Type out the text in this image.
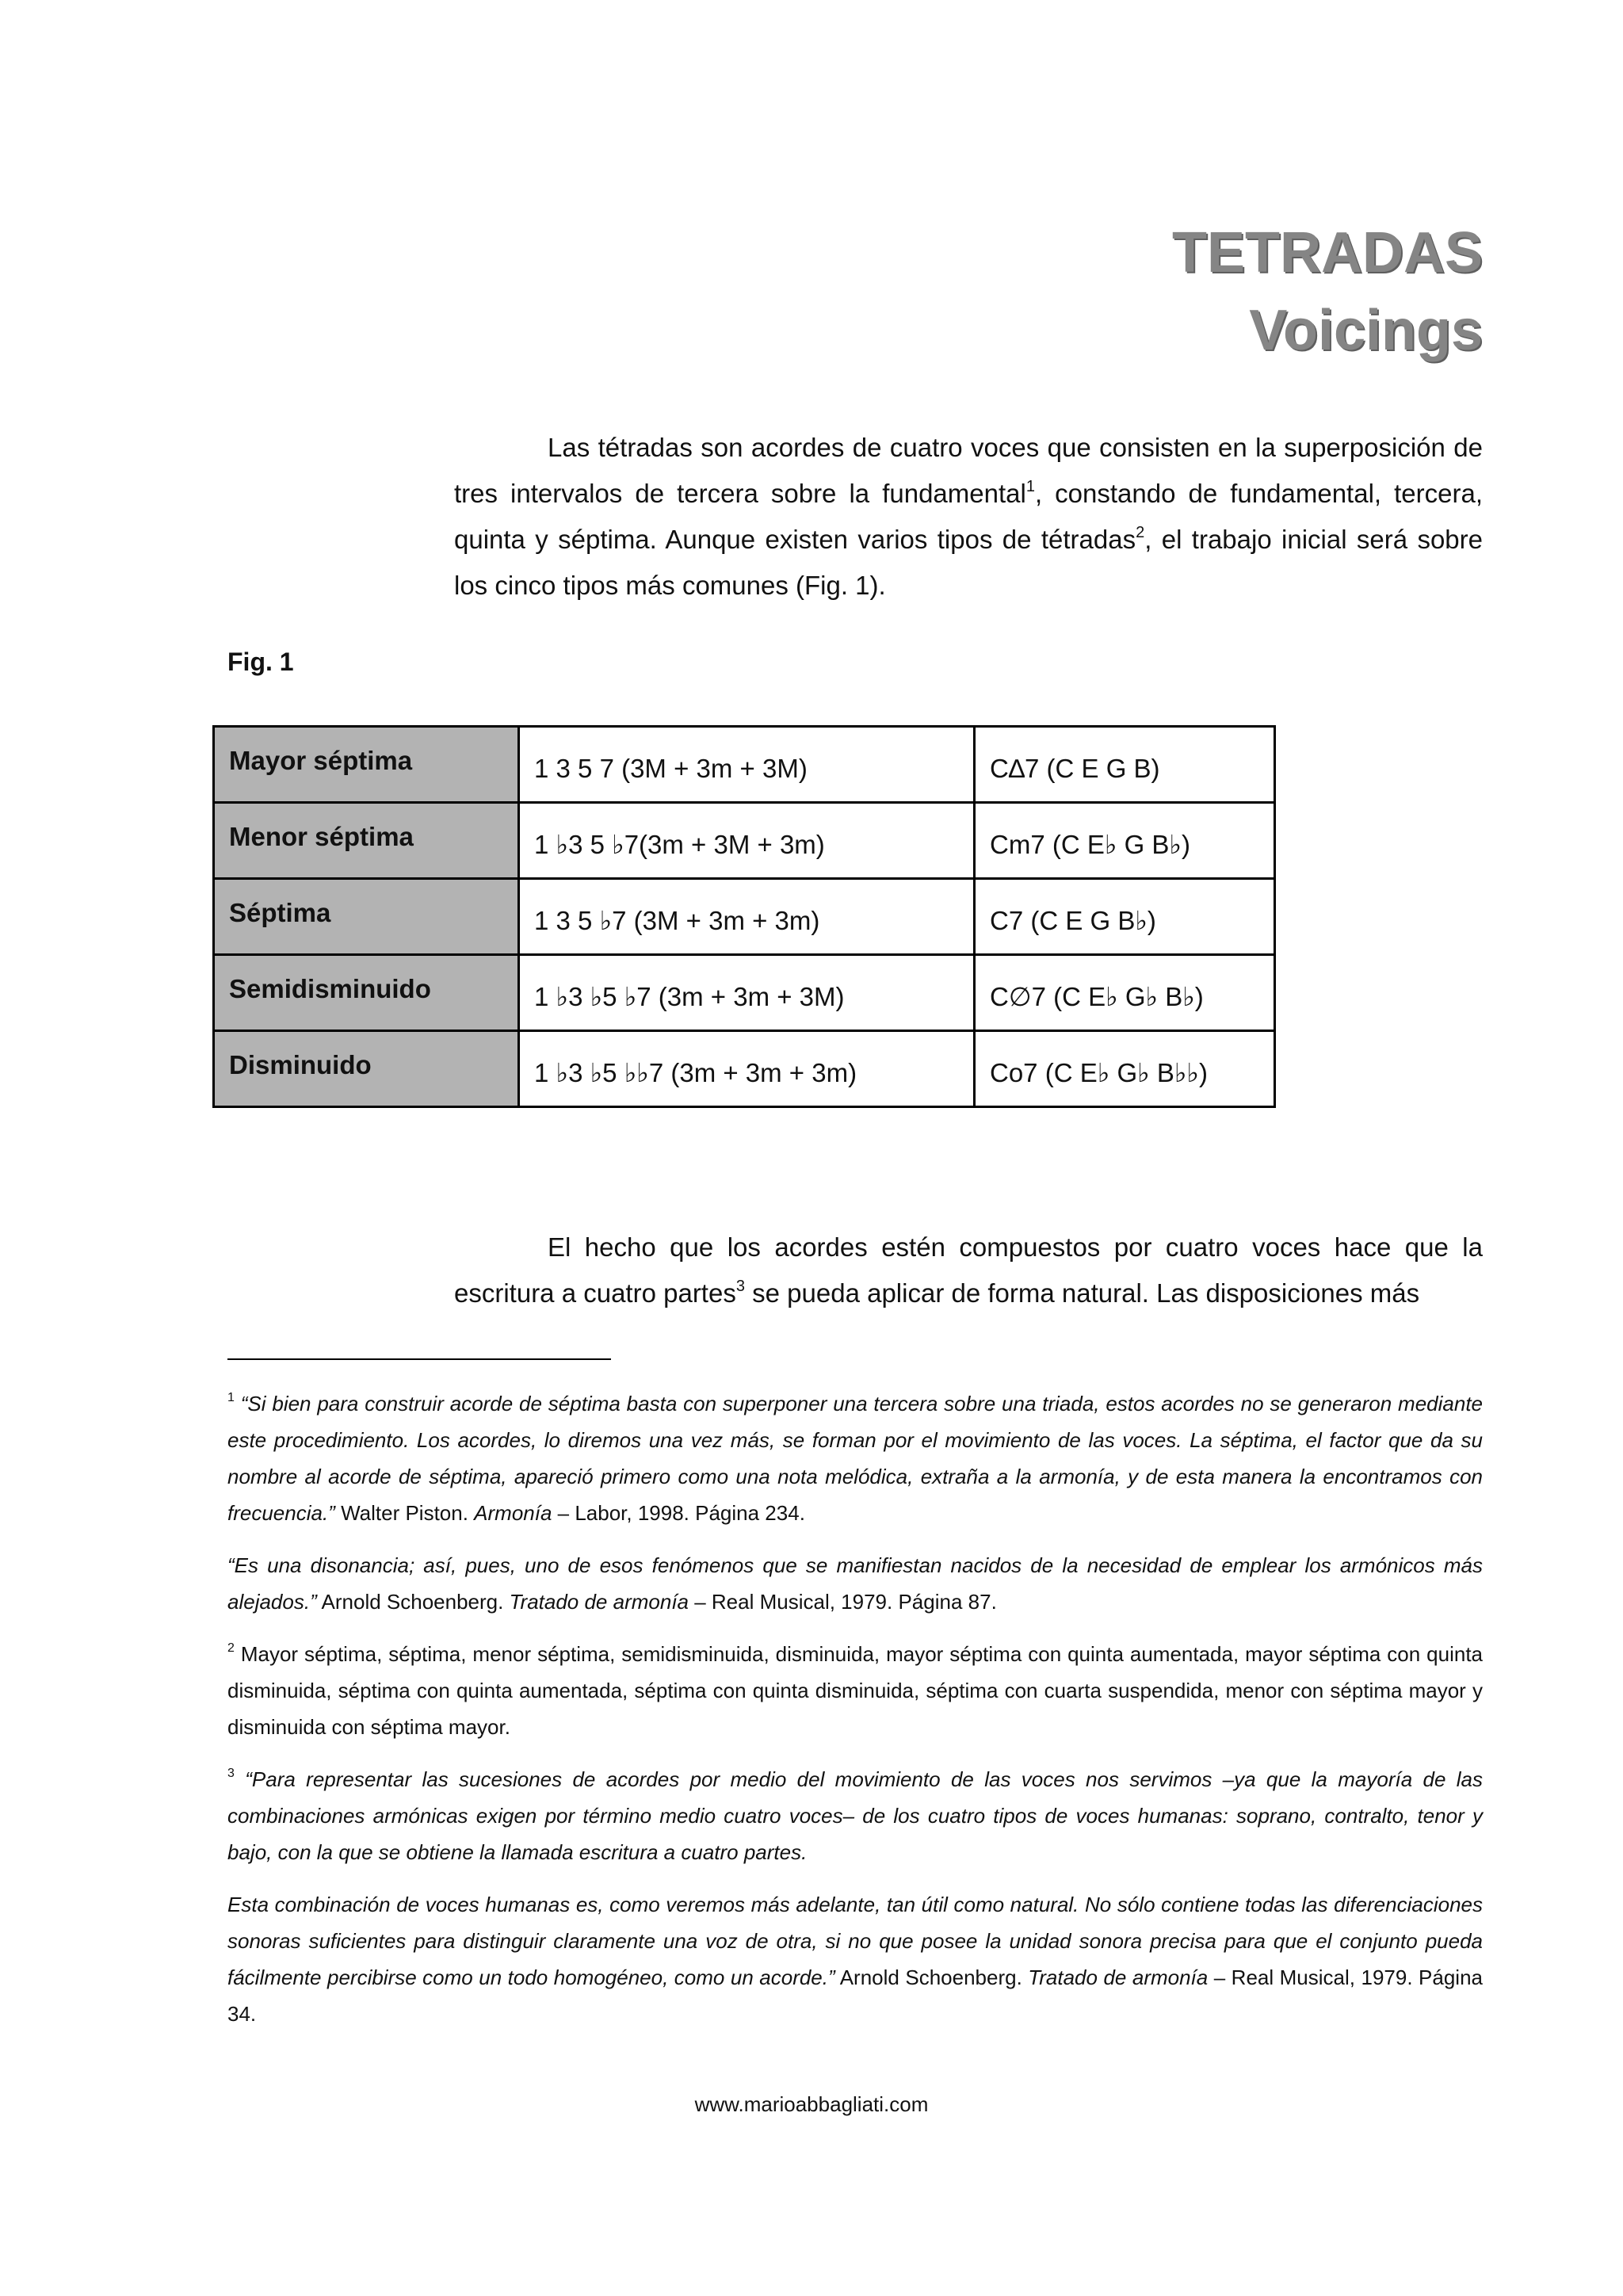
TETRADAS
Voicings

Las tétradas son acordes de cuatro voces que consisten en la superposición de tres intervalos de tercera sobre la fundamental$^1$, constando de fundamental, tercera, quinta y séptima. Aunque existen varios tipos de tétradas$^2$, el trabajo inicial será sobre los cinco tipos más comunes (Fig. 1).

Fig. 1

Mayor séptima	1 3 5 7 (3M + 3m + 3M)	C∆7 (C E G B)
Menor séptima	1 ♭3 5 ♭7(3m + 3M + 3m)	Cm7 (C E♭ G B♭)
Séptima	1 3 5 ♭7 (3M + 3m + 3m)	C7 (C E G B♭)
Semidisminuido	1 ♭3 ♭5 ♭7 (3m + 3m + 3M)	C∅7 (C E♭ G♭ B♭)
Disminuido	1 ♭3 ♭5 ♭♭7 (3m + 3m + 3m)	Co7 (C E♭ G♭ B♭♭)

El hecho que los acordes estén compuestos por cuatro voces hace que la escritura a cuatro partes$^3$ se pueda aplicar de forma natural. Las disposiciones más

$^1$ “Si bien para construir acorde de séptima basta con superponer una tercera sobre una triada, estos acordes no se generaron mediante este procedimiento. Los acordes, lo diremos una vez más, se forman por el movimiento de las voces. La séptima, el factor que da su nombre al acorde de séptima, apareció primero como una nota melódica, extraña a la armonía, y de esta manera la encontramos con frecuencia.” Walter Piston. Armonía – Labor, 1998. Página 234.

“Es una disonancia; así, pues, uno de esos fenómenos que se manifiestan nacidos de la necesidad de emplear los armónicos más alejados.” Arnold Schoenberg. Tratado de armonía – Real Musical, 1979. Página 87.

$^2$ Mayor séptima, séptima, menor séptima, semidisminuida, disminuida, mayor séptima con quinta aumentada, mayor séptima con quinta disminuida, séptima con quinta aumentada, séptima con quinta disminuida, séptima con cuarta suspendida, menor con séptima mayor y disminuida con séptima mayor.

$^3$ “Para representar las sucesiones de acordes por medio del movimiento de las voces nos servimos –ya que la mayoría de las combinaciones armónicas exigen por término medio cuatro voces– de los cuatro tipos de voces humanas: soprano, contralto, tenor y bajo, con la que se obtiene la llamada escritura a cuatro partes.

Esta combinación de voces humanas es, como veremos más adelante, tan útil como natural. No sólo contiene todas las diferenciaciones sonoras suficientes para distinguir claramente una voz de otra, si no que posee la unidad sonora precisa para que el conjunto pueda fácilmente percibirse como un todo homogéneo, como un acorde.” Arnold Schoenberg. Tratado de armonía – Real Musical, 1979. Página 34.

www.marioabbagliati.com
